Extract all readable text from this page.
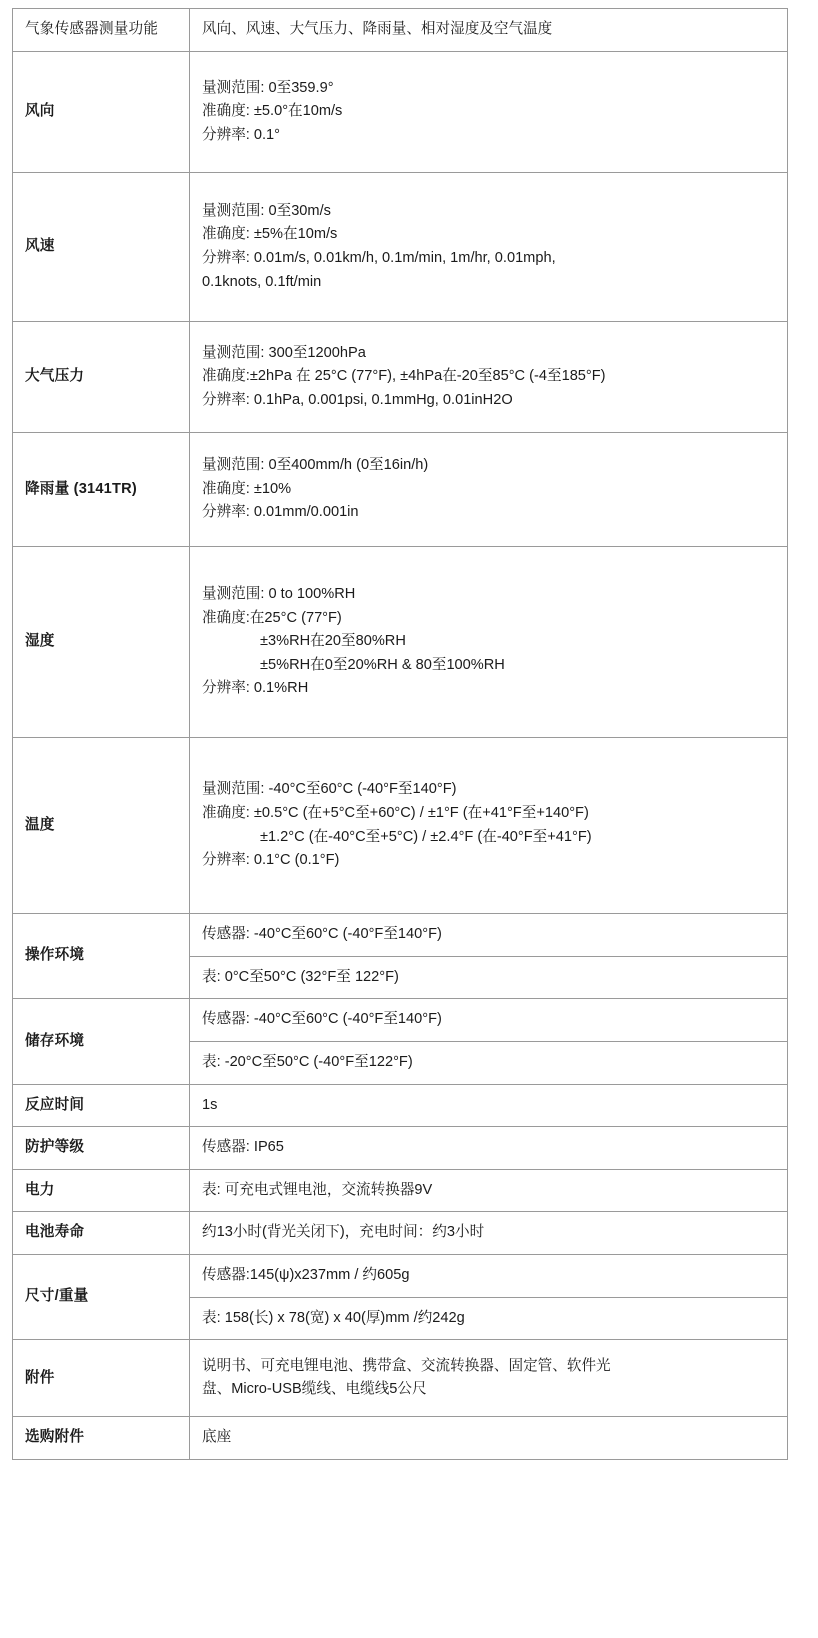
气象传感器测量功能	风向、风速、大气压力、降雨量、相对湿度及空气温度
风向	量测范围: 0至359.9°
准确度: ±5.0°在10m/s
分辨率: 0.1°

风速	量测范围: 0至30m/s
准确度: ±5%在10m/s
分辨率: 0.01m/s, 0.01km/h, 0.1m/min, 1m/hr, 0.01mph,
0.1knots, 0.1ft/min

大气压力	量测范围: 300至1200hPa
准确度:±2hPa 在 25°C (77°F), ±4hPa在-20至85°C (-4至185°F)
分辨率: 0.1hPa, 0.001psi, 0.1mmHg, 0.01inH2O

降雨量 (3141TR)	量测范围: 0至400mm/h (0至16in/h)
准确度: ±10%
分辨率: 0.01mm/0.001in

湿度	量测范围: 0 to 100%RH
准确度:在25°C (77°F)
±3%RH在20至80%RH
±5%RH在0至20%RH & 80至100%RH
分辨率: 0.1%RH

温度	量测范围: -40°C至60°C (-40°F至140°F)
准确度: ±0.5°C (在+5°C至+60°C) / ±1°F (在+41°F至+140°F)
±1.2°C (在-40°C至+5°C) / ±2.4°F (在-40°F至+41°F)
分辨率: 0.1°C (0.1°F)

操作环境	传感器: -40°C至60°C (-40°F至140°F)
	表: 0°C至50°C (32°F至 122°F)
储存环境	传感器: -40°C至60°C (-40°F至140°F)
	表: -20°C至50°C (-40°F至122°F)
反应时间	1s
防护等级	传感器: IP65
电力	表: 可充电式锂电池，交流转换器9V
电池寿命	约13小时(背光关闭下)，充电时间：约3小时
尺寸/重量	传感器:145(ψ)x237mm / 约605g
	表: 158(长) x 78(宽) x 40(厚)mm /约242g
附件	说明书、可充电锂电池、携带盒、交流转换器、固定管、软件光
盘、Micro-USB缆线、电缆线5公尺

选购附件	底座
